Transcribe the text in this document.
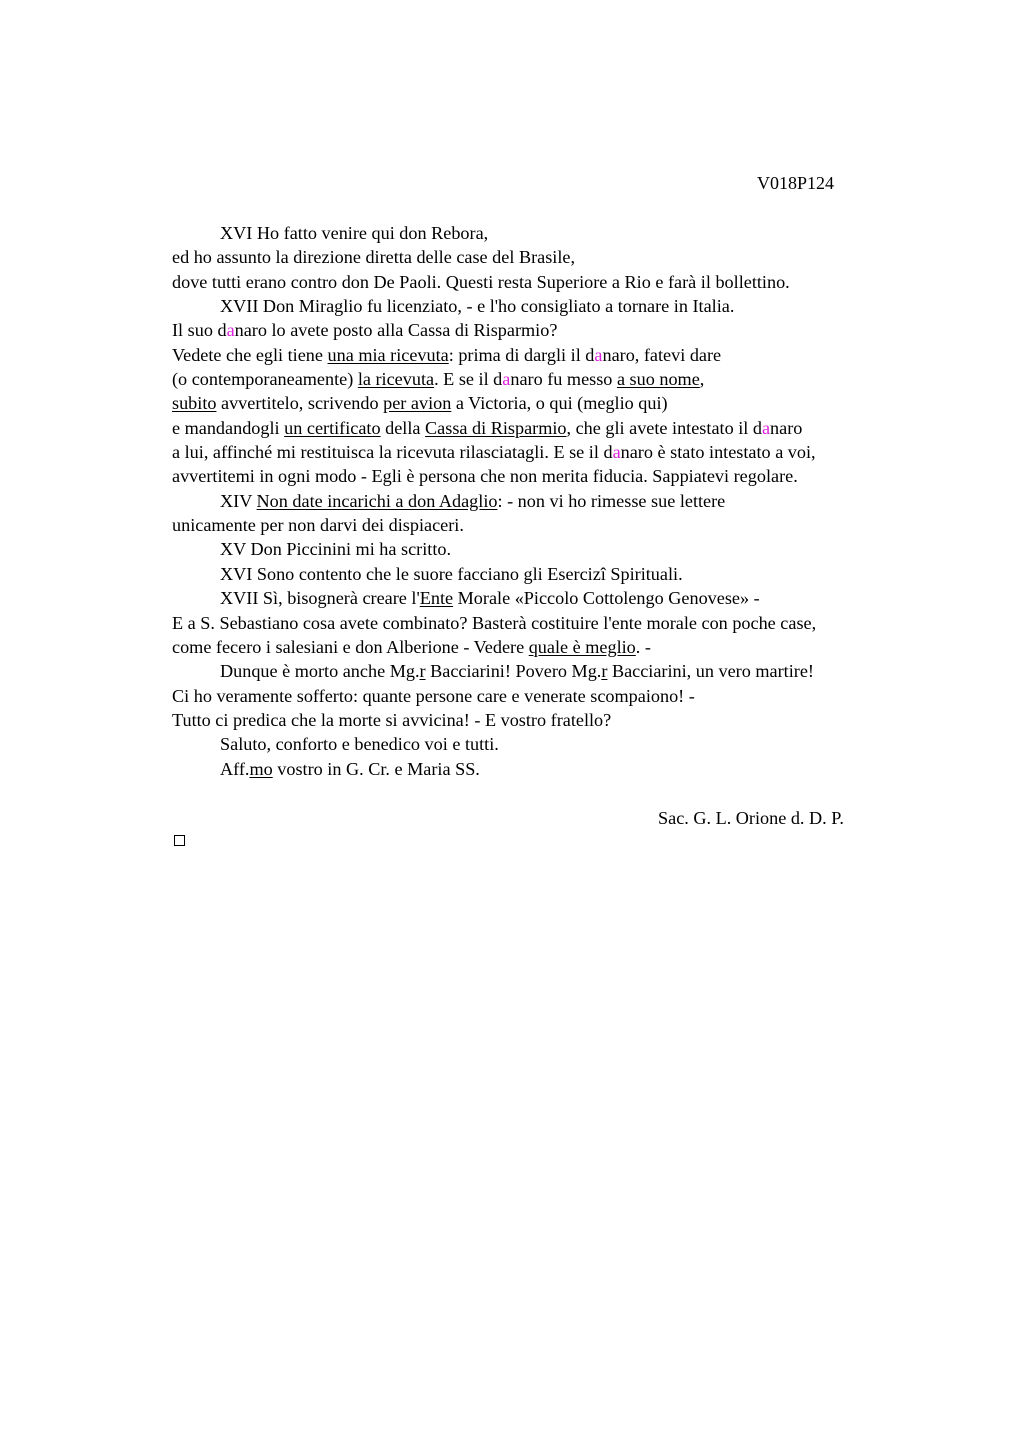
V018P124
XVI Ho fatto venire qui don Rebora,
ed ho assunto la direzione diretta delle case del Brasile,
dove tutti erano contro don De Paoli. Questi resta Superiore a Rio e farà il bollettino.
XVII Don Miraglio fu licenziato, - e l'ho consigliato a tornare in Italia.
Il suo danaro lo avete posto alla Cassa di Risparmio?
Vedete che egli tiene una mia ricevuta: prima di dargli il danaro, fatevi dare
(o contemporaneamente) la ricevuta. E se il danaro fu messo a suo nome,
subito avvertitelo, scrivendo per avion a Victoria, o qui (meglio qui)
e mandandogli un certificato della Cassa di Risparmio, che gli avete intestato il danaro
a lui, affinché mi restituisca la ricevuta rilasciatagli. E se il danaro è stato intestato a voi,
avvertitemi in ogni modo - Egli è persona che non merita fiducia. Sappiatevi regolare.
XIV Non date incarichi a don Adaglio: - non vi ho rimesse sue lettere
unicamente per non darvi dei dispiaceri.
XV Don Piccinini mi ha scritto.
XVI Sono contento che le suore facciano gli Esercizî Spirituali.
XVII Sì, bisognerà creare l'Ente Morale «Piccolo Cottolengo Genovese» -
E a S. Sebastiano cosa avete combinato? Basterà costituire l'ente morale con poche case,
come fecero i salesiani e don Alberione - Vedere quale è meglio. -
Dunque è morto anche Mg.r Bacciarini! Povero Mg.r Bacciarini, un vero martire!
Ci ho veramente sofferto: quante persone care e venerate scompaiono! -
Tutto ci predica che la morte si avvicina! - E vostro fratello?
Saluto, conforto e benedico voi e tutti.
Aff.mo vostro in G. Cr. e Maria SS.
Sac. G. L. Orione d. D. P.
